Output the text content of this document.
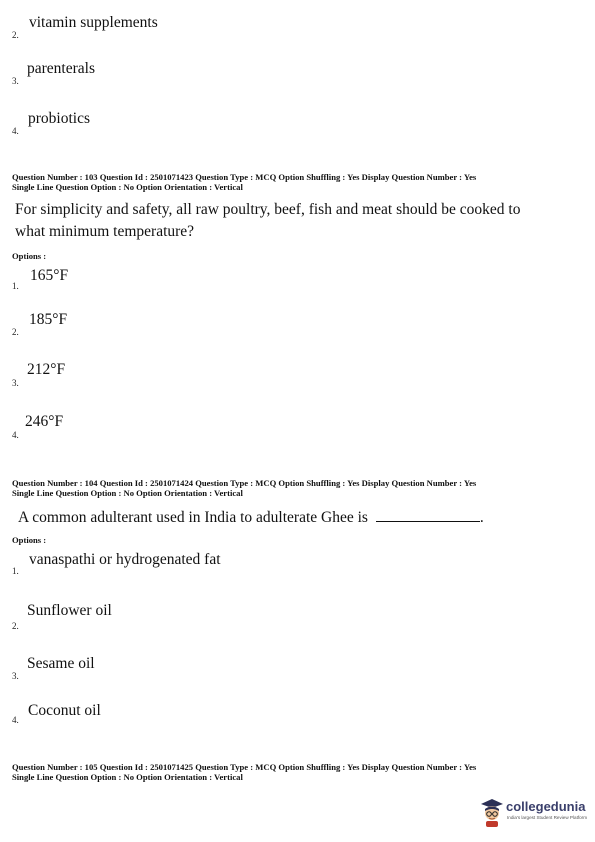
vitamin supplements
2.
parenterals
3.
probiotics
4.
Question Number : 103 Question Id : 2501071423 Question Type : MCQ Option Shuffling : Yes Display Question Number : Yes
Single Line Question Option : No Option Orientation : Vertical
For simplicity and safety, all raw poultry, beef, fish and meat should be cooked to
what minimum temperature?
Options :
165°F
1.
185°F
2.
212°F
3.
246°F
4.
Question Number : 104 Question Id : 2501071424 Question Type : MCQ Option Shuffling : Yes Display Question Number : Yes
Single Line Question Option : No Option Orientation : Vertical
A common adulterant used in India to adulterate Ghee is	.
Options :
vanaspathi or hydrogenated fat
1.
Sunflower oil
2.
Sesame oil
3.
Coconut oil
4.
Question Number : 105 Question Id : 2501071425 Question Type : MCQ Option Shuffling : Yes Display Question Number : Yes
Single Line Question Option : No Option Orientation : Vertical
collegedunia
India's largest Student Review Platform
